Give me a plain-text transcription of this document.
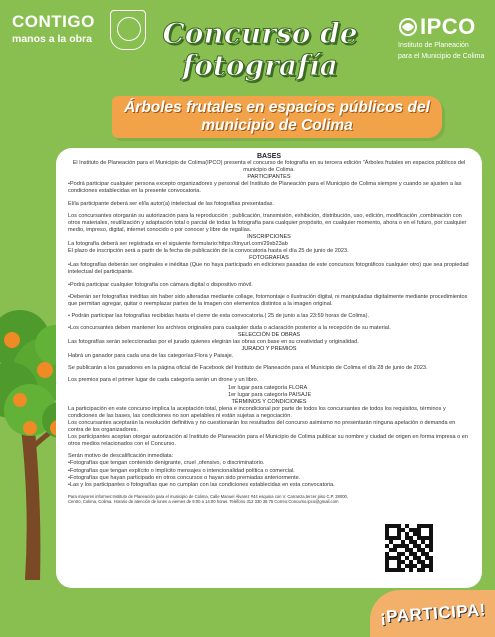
CONTIGO
manos a la obra	Concurso de
fotografía
IPCO
Instituto de Planeación
para el Municipio de Colima
Árboles frutales en espacios públicos del
municipio de Colima

BASES

El Instituto de Planeación para el Municipio de Colima(IPCO) presenta el concurso de fotografía en su tercera edición "Árboles frutales en espacios públicos del municipio de Colima.

PARTICIPANTES

•Podrá participar cualquier persona excepto organizadores y personal del Instituto de Planeación para el Municipio de Colima siempre y cuando se ajusten a las condiciones establecidas en la presente convocatoria.

El/la participante deberá ser el/la autor(a) intelectual de las fotografías presentadas.

Los concursantes otorgarán su autorización para la reproducción ; publicación, transmisión, exhibición, distribución, uso, edición, modificación ,combinación con otros materiales, reutilización y adaptación total o parcial de todas la fotografía para cualquier propósito, en cualquier momento, ahora o en el futuro, por cualquier medio, impreso, digital, internet conocido o por conocer y libre de regalías.

INSCRIPCIONES

La fotografía deberá ser registrada en el siguiente formulario:https://tinyurl.com/29sb23ab

El plazo de inscripción será a partir de la fecha de publicación de la convocatoria hasta el día 25 de junio de 2023.

FOTOGRAFÍAS

•Las fotografías deberán ser originales e inéditas (Que no haya participado en ediciones pasadas de este concursos fotográficos cualquier otro) que sea propiedad intelectual del participante.

•Podrá participar cualquier fotografía con cámara digital o dispositivo móvil.

•Deberán ser fotografías inéditas sin haber sido alteradas mediante collage, fotomontaje o ilustración digital, ni manipuladas digitalmente mediante procedimientos que permitan agregar, quitar o reemplazar partes de la imagen con elementos distintos a la imagen original.

• Podrán participar las fotografías recibidas hasta el cierre de esta convocatoria.( 25 de junio a las 23:59 horas de Colima).

•Los concursantes deben mantener los archivos originales para cualquier duda o aclaración posterior a la recepción de su material.

SELECCIÓN DE OBRAS

Las fotografías serán seleccionadas por el jurado quienes elegirán las obras con base en su creatividad y originalidad.

JURADO Y PREMIOS

Habrá un ganador para cada una de las categorías:Flora y Paisaje.

Se publicarán a los ganadores en la página oficial de Facebook del Instituto de Planeación para el Municipio de Colima el día 28 de junio de 2023.

Los premios para el primer lugar de cada categoría serán un drone y un libro.

1er lugar para categoría FLORA

1er lugar para categoría PAISAJE

TÉRMINOS Y CONDICIONES

La participación en este concurso implica la aceptación total, plena e incondicional por parte de todos los concursantes de todos los requisitos, términos y condiciones de las bases, las condiciones no son apelables ni están sujetas a negociación.

Los concursantes aceptarán la resolución definitiva y no cuestionarán los resultados del concurso asimismo no presentarán ninguna apelación o demanda en contra de los organizadores.

Los participantes aceptan otorgar autorización al Instituto de Planeación para el Municipio de Colima publicar su nombre y ciudad de origen en forma impresa o en otros medios relacionados con el Concurso.

Serán motivo de descalificación inmediata:

•Fotografías que tengan contenido denigrante, cruel ,ofensivo, o discriminatorio.

•Fotografías que tengan explícito o implícito mensajes o intencionalidad política o comercial.

•Fotografías que hayan participado en otros concursos o hayan sido premiadas anteriormente.

•Las y los participantes o fotografías que no cumplan con las condiciones establecidas en esta convocatoria.

Para mayores informes:Instituto de Planeación para el municipio de Colima, Calle Manuel Álvarez #44 esquina con V. Carranza,tercer piso C.P. 28000,

Centro, Colima, Colima. Horario de atención de lunes a viernes de 9:00 a 14:00 horas. Teléfono 312 330 38 75 Correo:Concurso.ipco@gmail.com

¡PARTICIPA!
